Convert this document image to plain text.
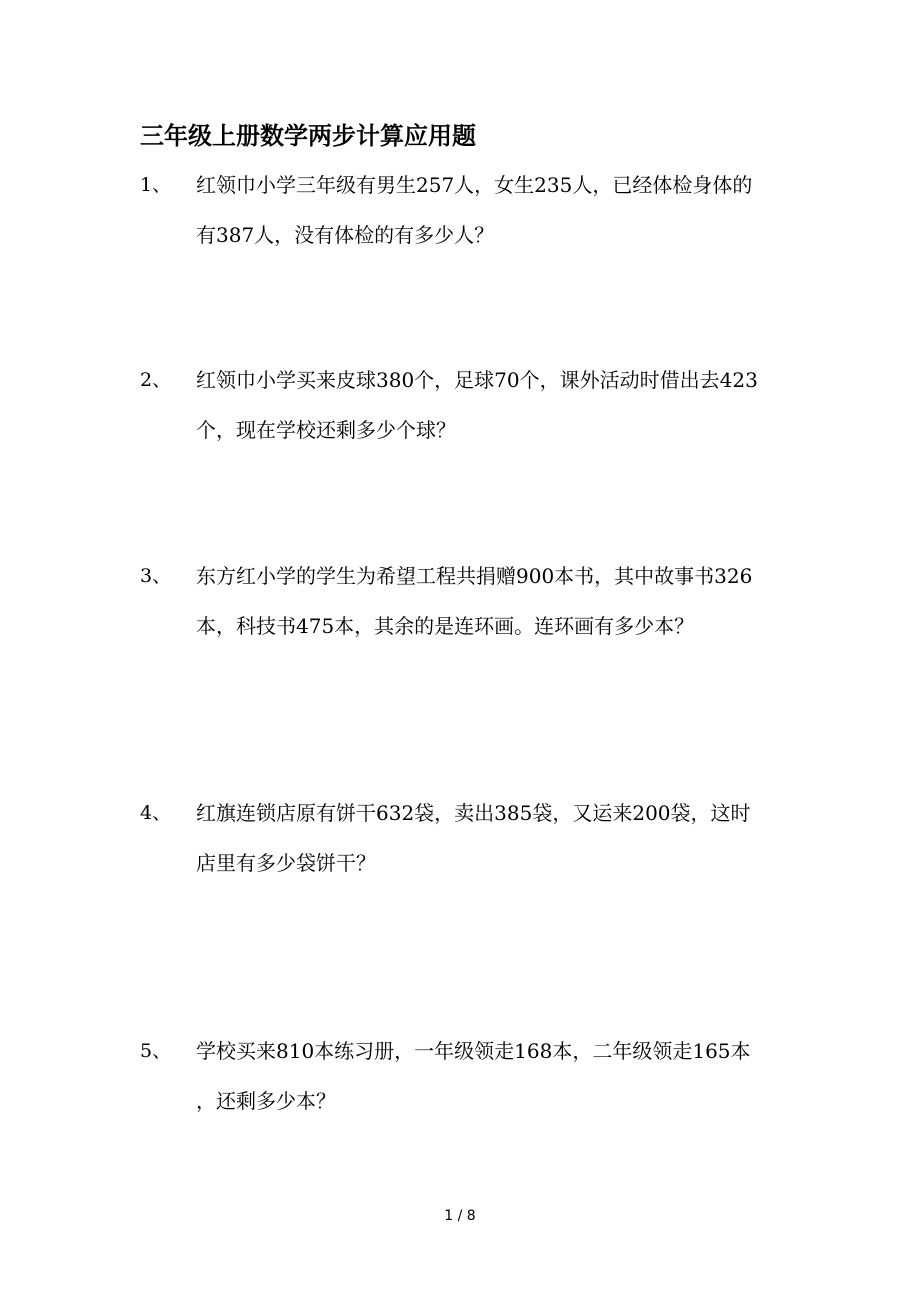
三年级上册数学两步计算应用题
1、 红领巾小学三年级有男生257人，女生235人，已经体检身体的
有387人，没有体检的有多少人？
2、 红领巾小学买来皮球380个，足球70个，课外活动时借出去423
个，现在学校还剩多少个球？
3、 东方红小学的学生为希望工程共捐赠900本书，其中故事书326
本，科技书475本，其余的是连环画。连环画有多少本？
4、 红旗连锁店原有饼干632袋，卖出385袋，又运来200袋，这时
店里有多少袋饼干？
5、 学校买来810本练习册，一年级领走168本，二年级领走165本
，还剩多少本？
1 / 8
